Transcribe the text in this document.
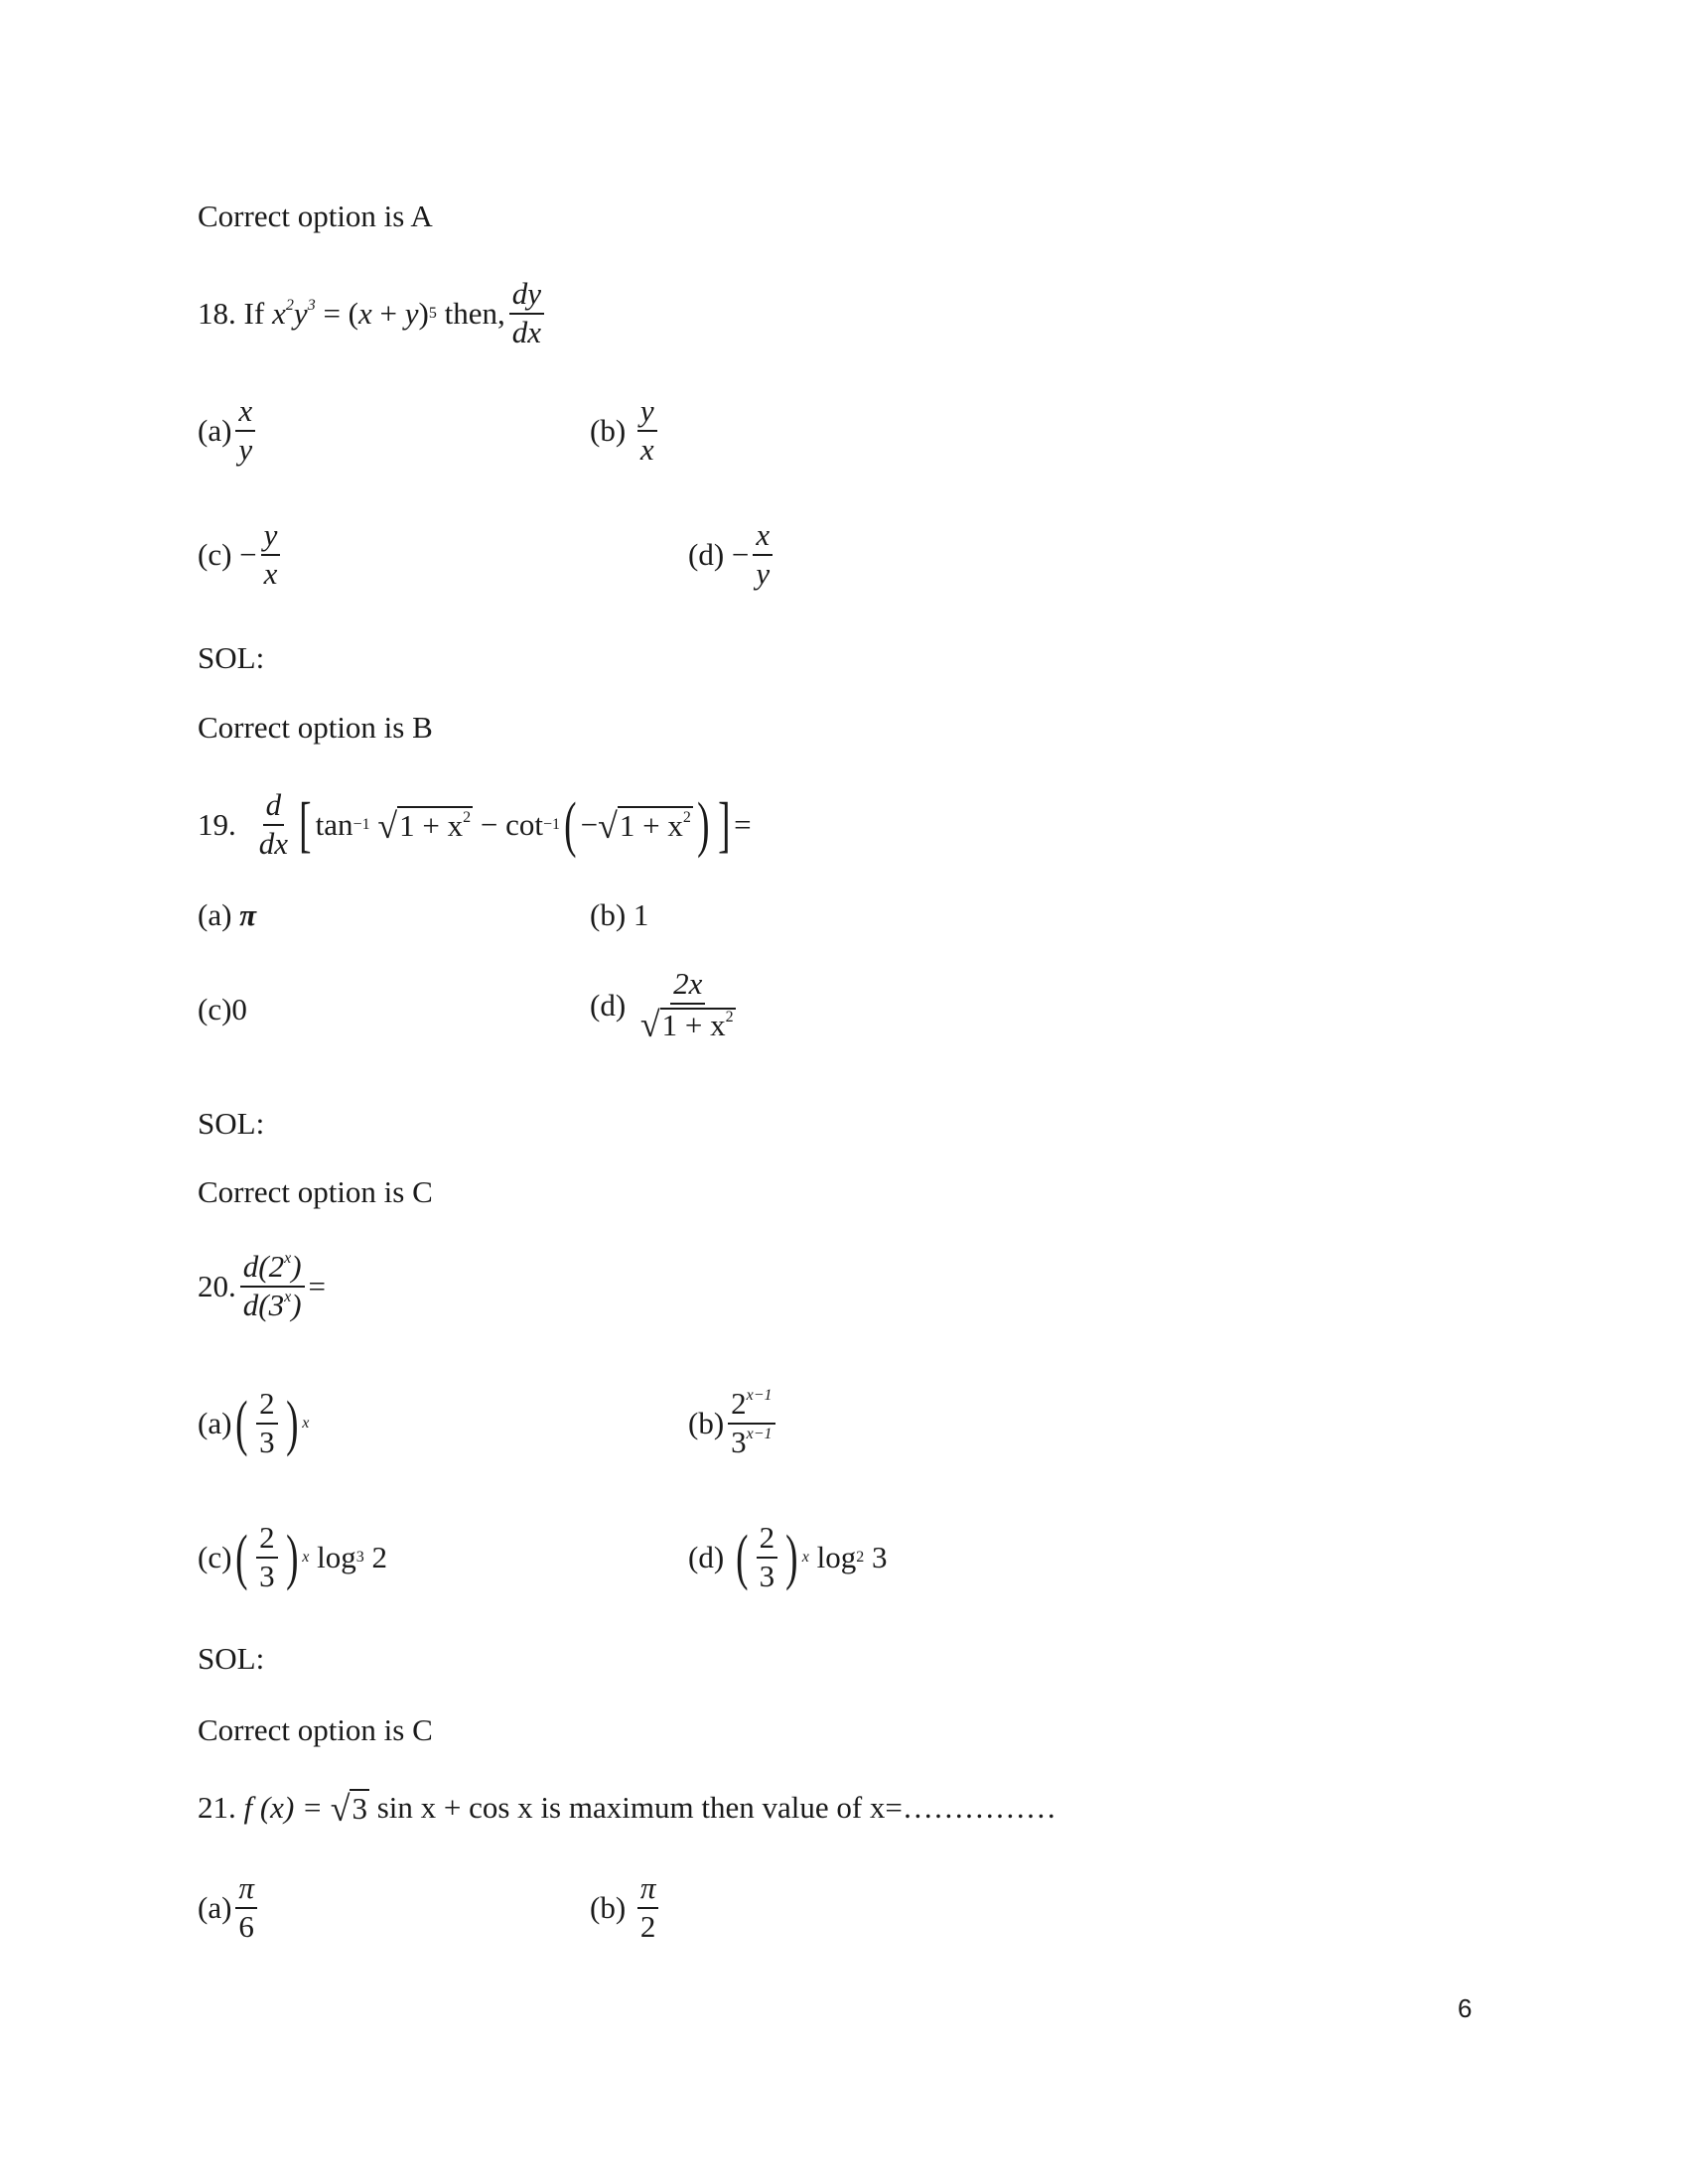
Correct option is A
18. If $x^2y^3$ = ( x + y ) 5
then, $\frac{dy}{dx}$
$(a) \frac{x}{y}$	(b)
$\frac{y}{x}$
(c)
− $\frac{y}{x}$	(d)
− $\frac{x}{y}$
SOL:
Correct option is B
19. $\frac{d}{dx}$ [ tan −1
√ $1 + x^2 - \cot -1$ ( − √ $1 + x^2$ ) ] =
(a)
π	(b)
1
(c) 0	(d)
$\frac{2x}{√ 1 + x^2}$
SOL:
Correct option is C
20. $\frac{d(2^x)}{d(3^x)}$ =
(a) ( $\frac{2}{3}$ ) x	$(b) \frac{2^{x-1}}{3^{x-1}}$
(c) ( $\frac{2}{3}$ ) x
log 3
2	(d)
( $\frac{2}{3}$ ) x
log 2
3
SOL:
Correct option is C
21.
f (x) =
√ 3
sin x + cos x
is maximum then value of x=……………
$(a) \frac{\pi}{6}$	(b)
$\frac{\pi}{2}$
6
